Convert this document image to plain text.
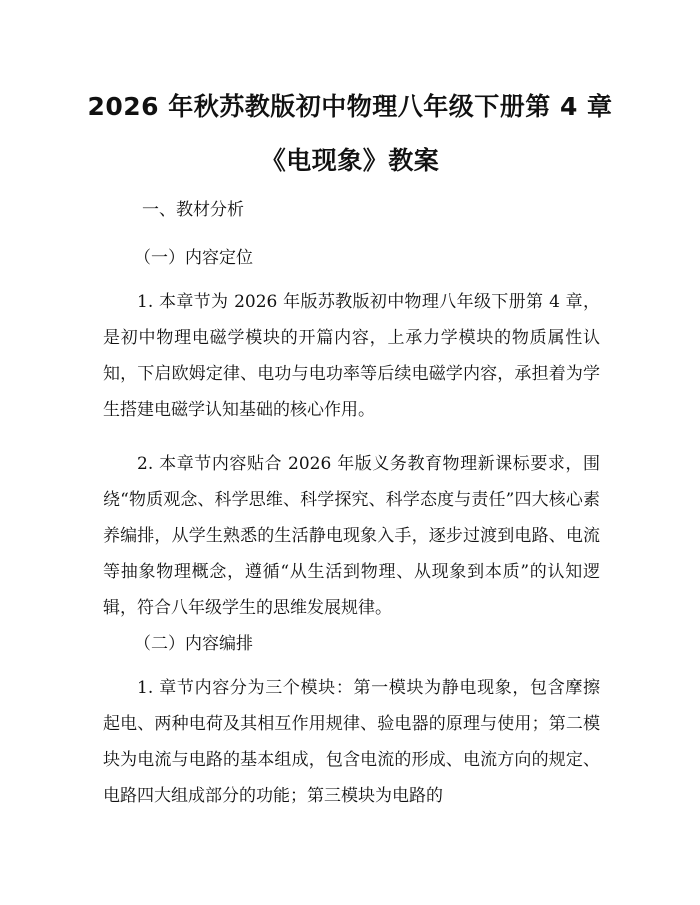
2026 年秋苏教版初中物理八年级下册第 4 章
《电现象》教案
一、教材分析
（一）内容定位
1. 本章节为 2026 年版苏教版初中物理八年级下册第 4 章，是初中物理电磁学模块的开篇内容，上承力学模块的物质属性认知，下启欧姆定律、电功与电功率等后续电磁学内容，承担着为学生搭建电磁学认知基础的核心作用。
2. 本章节内容贴合 2026 年版义务教育物理新课标要求，围绕“物质观念、科学思维、科学探究、科学态度与责任”四大核心素养编排，从学生熟悉的生活静电现象入手，逐步过渡到电路、电流等抽象物理概念，遵循“从生活到物理、从现象到本质”的认知逻辑，符合八年级学生的思维发展规律。
（二）内容编排
1. 章节内容分为三个模块：第一模块为静电现象，包含摩擦起电、两种电荷及其相互作用规律、验电器的原理与使用；第二模块为电流与电路的基本组成，包含电流的形成、电流方向的规定、电路四大组成部分的功能；第三模块为电路的
